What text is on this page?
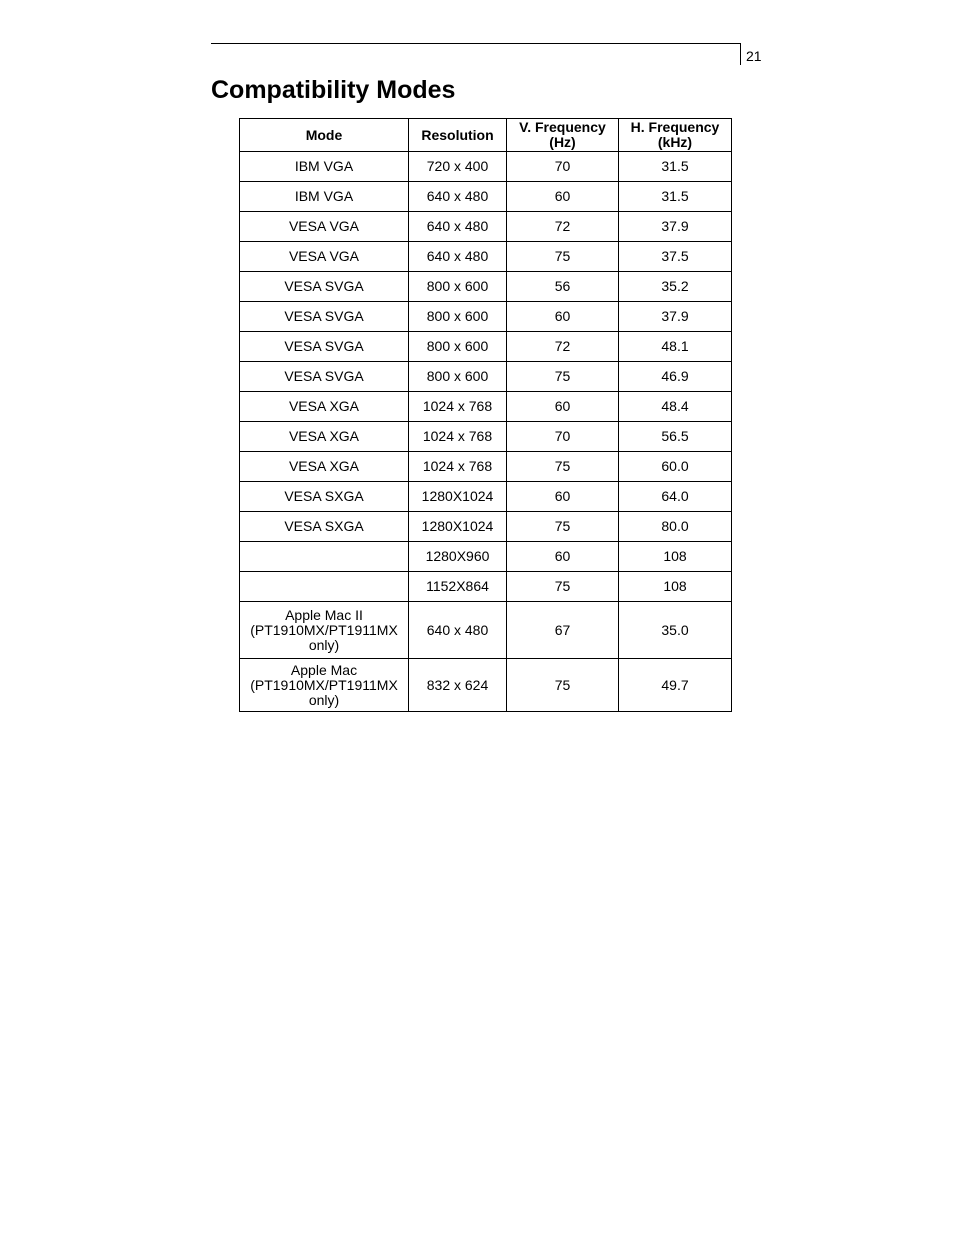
21
Compatibility Modes
Mode	Resolution	V. Frequency (Hz)	H. Frequency (kHz)
IBM VGA	720 x 400	70	31.5
IBM VGA	640 x 480	60	31.5
VESA VGA	640 x 480	72	37.9
VESA VGA	640 x 480	75	37.5
VESA SVGA	800 x 600	56	35.2
VESA SVGA	800 x 600	60	37.9
VESA SVGA	800 x 600	72	48.1
VESA SVGA	800 x 600	75	46.9
VESA XGA	1024 x 768	60	48.4
VESA XGA	1024 x 768	70	56.5
VESA XGA	1024 x 768	75	60.0
VESA SXGA	1280X1024	60	64.0
VESA SXGA	1280X1024	75	80.0
	1280X960	60	108
	1152X864	75	108
Apple Mac II (PT1910MX/PT1911MX only)	640 x 480	67	35.0
Apple Mac (PT1910MX/PT1911MX only)	832 x 624	75	49.7
